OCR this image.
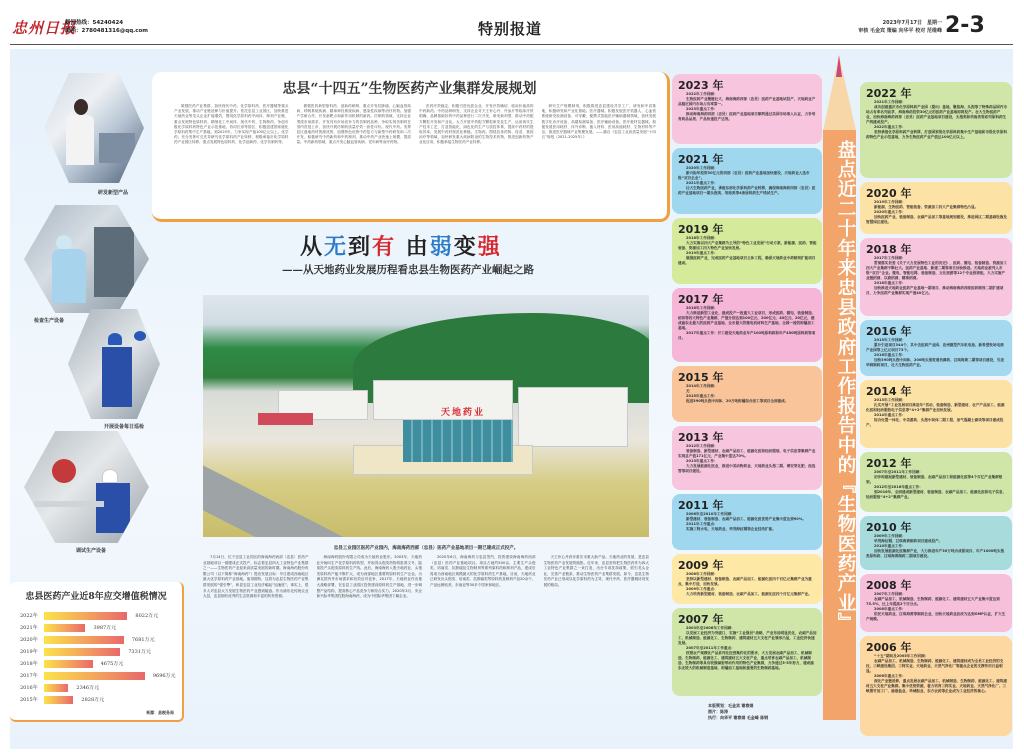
忠州日报
新闻热线：54240424
邮箱：2780481316@qq.com	特别报道	2023年7月17日　星期一
审核 毛金宾 策编 向华平 校对 范维峰 2-3
研发新型产品
检查生产设备
开展设备每日巡检
调试生产设备
忠县“十四五”生物医药产业集群发展规划

做强医药产业集群，加快现代中药、化学原料药、医疗器械等重点产业发展，推动产业链延伸与价值提升。依托忠县工业园区，加快推进天地药业等龙头企业扩能增效，围绕化学原料药中间体、制剂产业链、重点发展特色原料药、精细化工中间体、现代中药、生物制药，争创市级化学原料药特色产业示范基地，协同长寿等园区，积极创建国家级化学原料药集中生产基地。到2025年，力争实现产值100亿元以上。化学药。充分发挥可兑先导研究化学原料药产业转移，积极承接市化学原料药产业园区转移，重点发展特色原料药、化学创新药、化学仿制药等。

做强医药新型原料药、创新药研制、重点开发抗肿瘤、心脑血管疾病、呼吸系统疾病、精神神经系统疾病、感染性疾病等治疗药物。加强产学研合作，开发新靶点和新作用机制的新药。仿制药领域，支持企业围绕市场需求，开发具有市场竞争力的仿制药品种，争取实现仿制药在国内首批上市，加快开展仿制药质量疗效一致性评价。现代中药。发挥县区道地药材资源优势，加强特色优势中药复方与新型中药研发和二次开发，积极研究中药新药和中药制剂，推动中药产业快速上规模、提质量。中药新药领域，重点开发心脑血管疾病、老年病等治疗药物。

医药疗效稳定，积极引进优质企业，开发疗效确切、临床价值高的中药新药。中药品种研发，支持企业对天王补心丹、丹参片等临床疗效明确、品牌基础好的中药品种进行二次开发，研发新剂型，推动中药配方颗粒开发和产业化。大力开展中药配方颗粒研发及生产，运用现代生产技术工艺，打造智能化、绿色化的生产与质控体系，提高中药材的提取效率，发展中药材规范化种植。生物药。围绕抗体药物、疫苗、基因治疗等领域，加快研发重大疾病防治的生物技术药物，推进创新药物产业化应用，积极承接生物医药产业转移。

研究生产规模制剂，积极推进忠县建设共享工厂，研发和中试基地，积极研发和产业化基地。医疗器械。积极发展医疗机器人、心血管系统研发检测设备、可穿戴、便携式智能医疗辅助器械领域，加快发展数字化诊疗设备、高端检测装备、医疗辅助设备。医疗耗材及器械。积极发展医用耗材、体外诊断、植入材料、医用高值耗材、生物材料等产品，推进医疗器械产业集聚发展。——摘自《忠县工业高质量发展“十四五”规划（2021-2025年）》

从无到有 由弱变强
——从天地药业发展历程看忠县生物医药产业崛起之路
天地药业
忠县工业园区医药产业园内，海南海药西部（忠县）医药产业基地项目一期已建成正式投产。

7月14日，位于忠县工业园区的海南海药西部（忠县）医药产业基地项目一期建成正式投产，标志着忠县四大工业特色产业集群之一——生物医药产业迎来高质量发展的新时期。海南海药股份有限公司（以下简称“海南海药”）提出发展目标：早日建成西南地区最大化学原料药产业基地。值得期待，这将为忠县生物医药产业集群发展的“强引擎”，彰显忠县工业经济崛起“加速度”。事实上，很多人对忠县大力发展生物医药产业感到疑惑。作为渝东北传统农业大县，忠县拥有优秀的生态资源和丰富的药材资源。

海南海药股份有限公司成为天地药业股东。2003年，天地药业开始向生产化学原料药转型，并取得头孢类药物的批准文号，陆续投产头孢类原料药生产线。此后，海南海药入股天地药业，头孢类原料药产能不断扩大，成为西部地区重要的原料药生产企业。为满足国内外市场需求和有效应对竞争，2017年，天地药业作出重大战略部署，在忠县工业园区投资建设原料药生产基地，进一步调整产品结构，提高核心产品竞争力和综合实力。2020年3月，央企新兴际华集团控股海南海药，成为中国际华集团下属企业。

2020年6月，海南海药与忠县签约，投资建设海南海药西部（忠县）医药产业基地项目。项目占地约500亩，主要生产头孢类、培南类、抗肿瘤及生物制剂等系列原料药和制剂产品，建成后将成为西南地区规模最大的化学原料药生产基地。目前，天地药业已研发出头孢类、培南类、抗肿瘤类等原料药及制剂产品20余个，产品远销欧美、东南亚等30多个国家和地区。

天王补心丹获评重庆市重大新产品。天地药业的发展，是忠县生物医药产业发展的缩影。近年来，忠县坚持把生物医药作为四大工业特色产业集群之一来打造，出台专项扶持政策，招引龙头企业，完善产业链条，推动生物医药产业集群发展。如今，忠县生物医药产业已形成以化学原料药为主导，现代中药、医疗器械协同发展的格局。

忠县医药产业近8年应交增值税情况
2022年	8022万元
2021年	3987万元
2020年	7681万元
2019年	7331万元
2018年	4675万元
2017年	9696万元
2016年	2346万元
2015年	2828万元
来源：县税务局
盘点近二十年来忠县政府工作报告中的『生物医药产业』
2023 年
2022年工作回顾：
生物医药产业聚链壮大，海南海药西部（忠县）医药产业基地试投产，天地药业产品稳定国内市场占有率第一。
2023年重点工作：
推动海南海药西部（忠县）医药产业基地项目顺利通过美国市场准入认证，力争培育药品品类、产品快速投产达效。
2022 年
2021年工作回顾：
成功创建重庆市化学原料药产业园（提出）基地，聚焦海、头孢等了特殊药品国内市场占有率名列前茅，海南海药投资30亿元的医药产业基地即将投产。壮大生物医药产业，加快海南海药西部（忠县）医药产业基地项目建设，头孢类和培南类等系列原料药生产线建成投产。
2022年重点工作：
坚持承接化学原料药产业转移，打造国家级化学原料药集中生产基地和市级化学原料药特色产业示范基地，力争生物医药产业产值达100亿元以上。
2021 年
2020年工作回顾：
新兴际华投资30亿元的西部（忠县）医药产业基地加快建设，天地药业入选市级“双百企业”。
2021年重点工作：
壮大生物医药产业，承接东部化学原料药产业转移，确保海南海药西部（忠县）医药产业基地项目一期头孢类、培南类等4条原料药生产线试生产。	2020 年
2019年工作回顾：
新能源、生物医药、智能装备、资源加工四大产业集群特色凸显。
2020年重点工作：
加快医药产业、装备制造、农副产品加工等基地规划建设，推进园区二期基础设施及智慧园区建设。
2019 年
2018年工作回顾：
大力实施以四大产业集群为主导的“特色工业发展”行动方案，新能源、医药、智能装备、资源加工四大特色产业加快发展。
2019年重点工作：
做强医药产业，完成医药产业基地项目主体工程，确保天地药业中药制剂扩能项目建成。
2018 年
2017年工作回顾：
贯彻落实县委《关于大力发展特色工业的决定》，医药、微电、装备制造、资源加工四大产业集群不断壮大。医药产业基地、新建二期等项目加快推进。天地药业被列入市级“双百”企业。微电、智能电网、装备制造、文化旅游等12个专业招商组，大力实施产业链招商、以商招商、精准招商。
2018年重点工作：
加快推进天地药业医药产业基地一期项目、推动海南海药西部医药制剂二期扩建项目，力争医药产业集群实现产值40亿元。
2017 年
2016年工作回顾：
大力推进新型工业化，建成投产一批重大工业项目，形成医药、微电、装备制造、纺织等四大特色产业集群，产值分别达到100亿元、200亿元、40亿元、20亿元，建成渝东北最大的医药产业基地、全市最大的微电机材料生产基地、全国一流的柑橘加工基地。
2017年重点工作：开工建设天地药业年产100吨原料药和年产450吨原料药等项目。	2016 年
2015年工作回顾：
累计引进项目344个，其中含医药产业园、忠州微型汽车机电池、新希望牧场电商产业园等上亿元项目73个。
2016年重点工作：
加快390吨头孢中间体、200吨头孢宽谱抗菌药、巨琪海黄二期等项目建设，引进华润制药项目，壮大生物医药产业。
2015 年
2014年工作回顾：
无
2015年重点工作：
促进390吨头孢中间体、20万吨柑橘综合加工等项目全面建成。
2014 年
2013年工作回顾：
扎实开展“工业发展项目推进年”活动，装备制造、新型建材、农产产品加工、能源化医和轻纺服装电子信息等“4+2”集群产业加快发展。
2014年重点工作：
综合处置一体化、中美番药、头孢中间体二期工程、加气混凝土砌块等项目建成投产。
2013 年
2012年工作回顾：
装备制造、新型建材、农副产品加工、能源化医和轻纺服装、电子信息等集群产业实现总产值171亿元，产业集中度达70%。
2013年重点工作：
大力发展能源化医业，推进中美动物药业、天地药业头孢二期、博安莱化肥、池选管等项目建设。
2012 年
2007年至2011年工作回顾：
初步构建起新型建材、装备制造、农副产品加工和能源化医等4个百亿产业集群框架。
2012年至2016年重点工作：
到2016年，全面建成新型建材、装备制造、农副产品加工、能源化医和电子信息、轻纺服装“4+2”集群产业。
2011 年
2006年至2010年工作回顾：
新型建材、装备制造、农副产品加工、能源化医优势产业集中度达到90%。
2011年工作重点：
实施三阿水电、天地药业、华茂海纹钢等企业技改扩能。	2010 年
2009年工作回顾：
华茂海纹钢、巨琪海黄制药项目建成投产。
2010年重点工作：
加快发展能源化医集群产业，大力推进年产30万吨合成氨项目、年产1000吨头孢类原料药、巨琪海黄制药二期项目建设。
2009 年
2008年工作回顾：
坚持以新型建材、装备制造、农副产品加工、能源化医四个百亿元集群产业为重点，集中打造，加快发展。
2009年工作重点：
大力培育新型建材、装备制造、农副产品加工、能源化医四个百亿元集群产业。
2008 年
2007年工作回顾：
农副产品加工、机械制造、生物制药、能源化工、建筑建材五大产业集中度达到75.5%，比上年提高2个百分点。
2008年重点工作：
依托天地药业、巨琪海黄等制药企业，加快天地药业扶改为达到GMP认证，扩大生产规模。
2007 年
2003年至2006年工作回顾：
以发展工业经济为突破口，实施“工业强县”战略，产业布局明显优化，农副产品加工、机械制造、能源化工、生物制药、建筑建材五大支柱产业雏形凸显，工业经济快速发展。
2007年至2011年工作重点：
按照农产规模化产品系列化经营集约化的要求，大力发展农副产品加工、机械制造、生物制药、能源化工、建筑建材五大支柱产业，重点培育农副产品加工、机械制造、生物制药等具有较强辐射带动作用的特色产业集群，力争通过3-5年努力，建成渝东北较大的机械制造基地、柑橘加工基地和重要的生物制药基地。
2006 年
“十五”期间及2005年工作回顾：
农副产品加工、机械制造、生物制药、能源化工、建筑建材成为全县工业经济的支柱，三峡建设集团、三阿实业、天地药业、天然气净化厂等重点企业的支撑作用日益明显。
2006年重点工作：
深化产业链延伸，重点发展农副产品加工、机械制造、生物制药、能源化工、建筑建材五大支柱产业集群。集中优势资源，着力培育三阿实业、天地药业、天然气净化厂、三峡黑竹加工厂、渝港盐业、华城船业、东方农药等企业成为工业经济的核心。
本版策划：毛金宾 谢春娟
图片：陈涛
执行：向华平 谢春娟 毛金峰 陈钢
